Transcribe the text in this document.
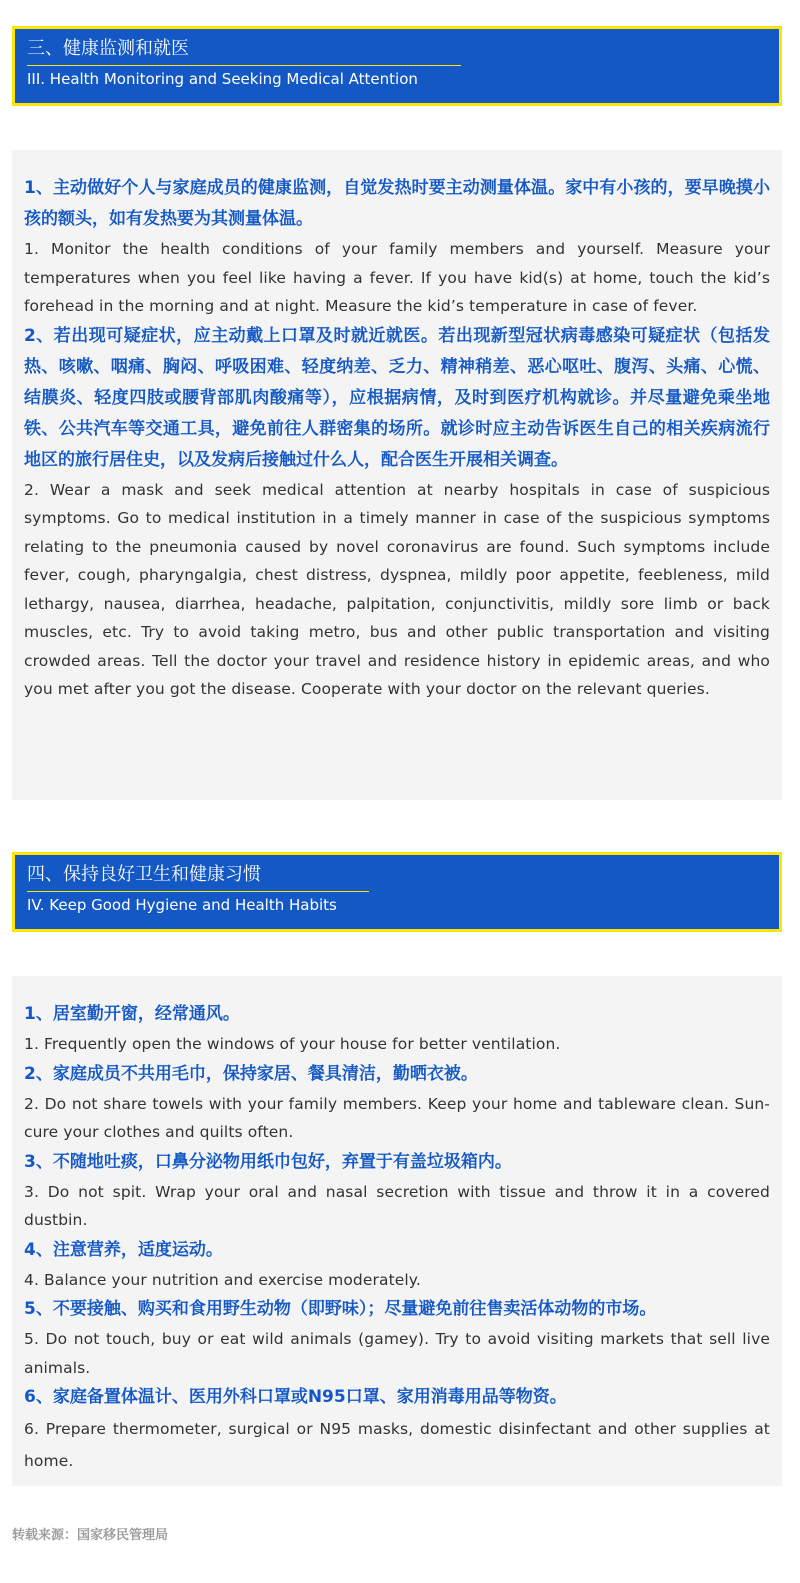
三、健康监测和就医
III. Health Monitoring and Seeking Medical Attention
1、主动做好个人与家庭成员的健康监测，自觉发热时要主动测量体温。家中有小孩的，要早晚摸小孩的额头，如有发热要为其测量体温。
1. Monitor the health conditions of your family members and yourself. Measure your temperatures when you feel like having a fever. If you have kid(s) at home, touch the kid’s forehead in the morning and at night. Measure the kid’s temperature in case of fever.
2、若出现可疑症状，应主动戴上口罩及时就近就医。若出现新型冠状病毒感染可疑症状（包括发热、咳嗽、咽痛、胸闷、呼吸困难、轻度纳差、乏力、精神稍差、恶心呕吐、腹泻、头痛、心慌、结膜炎、轻度四肢或腰背部肌肉酸痛等），应根据病情，及时到医疗机构就诊。并尽量避免乘坐地铁、公共汽车等交通工具，避免前往人群密集的场所。就诊时应主动告诉医生自己的相关疾病流行地区的旅行居住史，以及发病后接触过什么人，配合医生开展相关调查。
2. Wear a mask and seek medical attention at nearby hospitals in case of suspicious symptoms. Go to medical institution in a timely manner in case of the suspicious symptoms relating to the pneumonia caused by novel coronavirus are found. Such symptoms include fever, cough, pharyngalgia, chest distress, dyspnea, mildly poor appetite, feebleness, mild lethargy, nausea, diarrhea, headache, palpitation, conjunctivitis, mildly sore limb or back muscles, etc. Try to avoid taking metro, bus and other public transportation and visiting crowded areas. Tell the doctor your travel and residence history in epidemic areas, and who you met after you got the disease. Cooperate with your doctor on the relevant queries.
四、保持良好卫生和健康习惯
IV. Keep Good Hygiene and Health Habits
1、居室勤开窗，经常通风。
1. Frequently open the windows of your house for better ventilation.
2、家庭成员不共用毛巾，保持家居、餐具清洁，勤晒衣被。
2. Do not share towels with your family members. Keep your home and tableware clean. Sun-cure your clothes and quilts often.
3、不随地吐痰，口鼻分泌物用纸巾包好，弃置于有盖垃圾箱内。
3. Do not spit. Wrap your oral and nasal secretion with tissue and throw it in a covered dustbin.
4、注意营养，适度运动。
4. Balance your nutrition and exercise moderately.
5、不要接触、购买和食用野生动物（即野味）；尽量避免前往售卖活体动物的市场。
5. Do not touch, buy or eat wild animals (gamey). Try to avoid visiting markets that sell live animals.
6、家庭备置体温计、医用外科口罩或N95口罩、家用消毒用品等物资。
6. Prepare thermometer, surgical or N95 masks, domestic disinfectant and other supplies at home.
转载来源：国家移民管理局
